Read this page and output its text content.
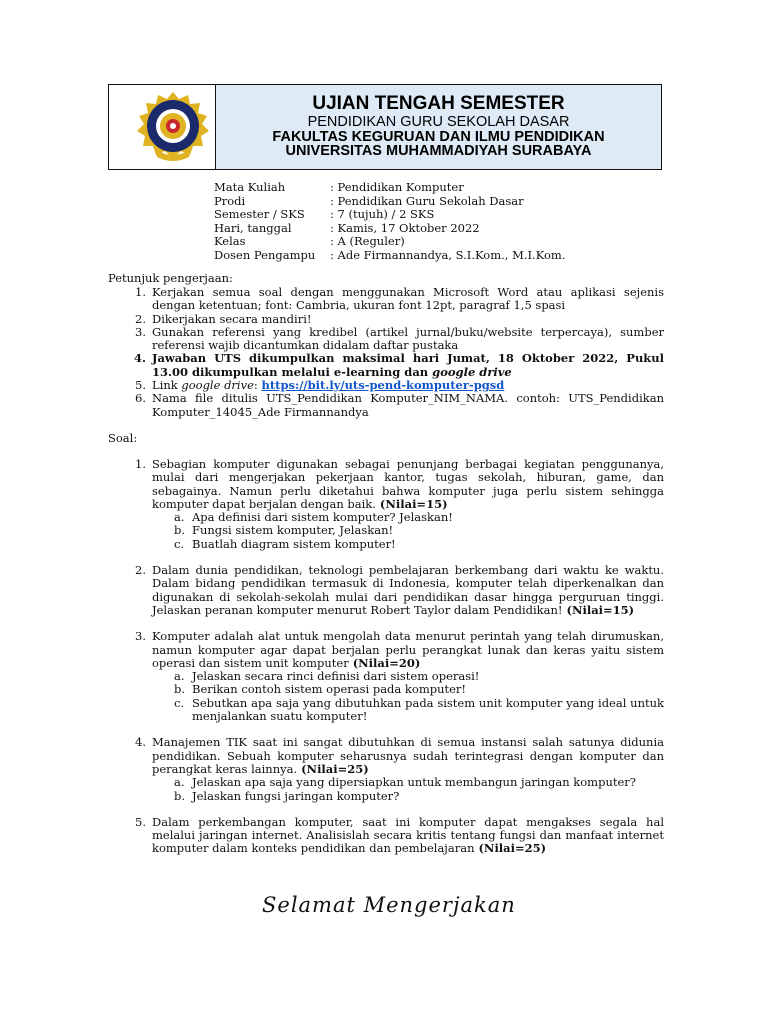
UJIAN TENGAH SEMESTER
PENDIDIKAN GURU SEKOLAH DASAR
FAKULTAS KEGURUAN DAN ILMU PENDIDIKAN
UNIVERSITAS MUHAMMADIYAH SURABAYA
Mata Kuliah	: Pendidikan Komputer
Prodi	: Pendidikan Guru Sekolah Dasar
Semester / SKS	: 7 (tujuh) / 2 SKS
Hari, tanggal	: Kamis, 17 Oktober 2022
Kelas	: A (Reguler)
Dosen Pengampu	: Ade Firmannandya, S.I.Kom., M.I.Kom.
Petunjuk pengerjaan:
1. Kerjakan semua soal dengan menggunakan Microsoft Word atau aplikasi sejenis dengan ketentuan; font: Cambria, ukuran font 12pt, paragraf 1,5 spasi
2. Dikerjakan secara mandiri!
3. Gunakan referensi yang kredibel (artikel jurnal/buku/website terpercaya), sumber referensi wajib dicantumkan didalam daftar pustaka
4. Jawaban UTS dikumpulkan maksimal hari Jumat, 18 Oktober 2022, Pukul 13.00 dikumpulkan melalui e-learning dan google drive
5. Link google drive: https://bit.ly/uts-pend-komputer-pgsd
6. Nama file ditulis UTS_Pendidikan Komputer_NIM_NAMA. contoh: UTS_Pendidikan Komputer_14045_Ade Firmannandya
Soal:
1. Sebagian komputer digunakan sebagai penunjang berbagai kegiatan penggunanya, mulai dari mengerjakan pekerjaan kantor, tugas sekolah, hiburan, game, dan sebagainya. Namun perlu diketahui bahwa komputer juga perlu sistem sehingga komputer dapat berjalan dengan baik. (Nilai=15)
a. Apa definisi dari sistem komputer? Jelaskan!
b. Fungsi sistem komputer, Jelaskan!
c. Buatlah diagram sistem komputer!
2. Dalam dunia pendidikan, teknologi pembelajaran berkembang dari waktu ke waktu. Dalam bidang pendidikan termasuk di Indonesia, komputer telah diperkenalkan dan digunakan di sekolah-sekolah mulai dari pendidikan dasar hingga perguruan tinggi. Jelaskan peranan komputer menurut Robert Taylor dalam Pendidikan! (Nilai=15)
3. Komputer adalah alat untuk mengolah data menurut perintah yang telah dirumuskan, namun komputer agar dapat berjalan perlu perangkat lunak dan keras yaitu sistem operasi dan sistem unit komputer (Nilai=20)
a. Jelaskan secara rinci definisi dari sistem operasi!
b. Berikan contoh sistem operasi pada komputer!
c. Sebutkan apa saja yang dibutuhkan pada sistem unit komputer yang ideal untuk menjalankan suatu komputer!
4. Manajemen TIK saat ini sangat dibutuhkan di semua instansi salah satunya didunia pendidikan. Sebuah komputer seharusnya sudah terintegrasi dengan komputer dan perangkat keras lainnya. (Nilai=25)
a. Jelaskan apa saja yang dipersiapkan untuk membangun jaringan komputer?
b. Jelaskan fungsi jaringan komputer?
5. Dalam perkembangan komputer, saat ini komputer dapat mengakses segala hal melalui jaringan internet. Analisislah secara kritis tentang fungsi dan manfaat internet komputer dalam konteks pendidikan dan pembelajaran (Nilai=25)
Selamat Mengerjakan
